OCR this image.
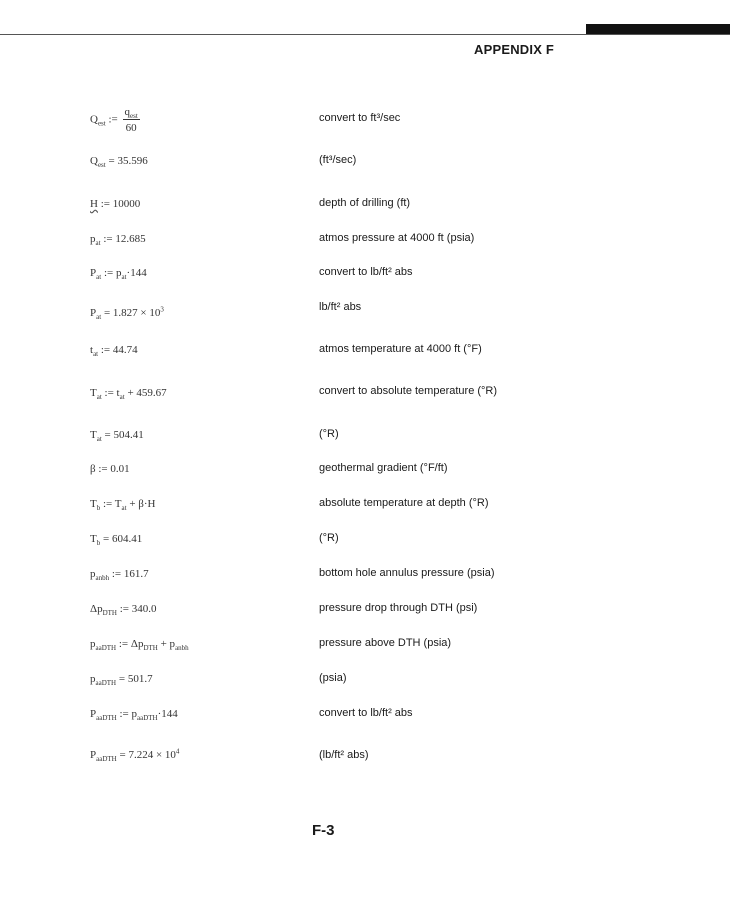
APPENDIX F
$Q_{est}$ := $\frac{q_{est}}{60}$
$Q_{est} = 35.596$
H := 10000
$p_{at}$ := 12.685
$P_{at}$ := $p_{at}\cdot 144$
$P_{at} = 1.827 \times 10^3$
$t_{at}$ := 44.74
$T_{at}$ := $t_{at} + 459.67$
$T_{at} = 504.41$
β := 0.01
$T_b$ := $T_{at} + \beta\cdot H$
$T_b = 604.41$
$p_{anbh}$ := 161.7
$\Delta p_{DTH}$ := 340.0
$p_{aaDTH}$ := $\Delta p_{DTH} + p_{anbh}$
$p_{aaDTH} = 501.7$
$P_{aaDTH}$ := $p_{aaDTH}\cdot 144$
$P_{aaDTH} = 7.224 \times 10^4$
convert to ft³/sec
(ft³/sec)
depth of drilling (ft)
atmos pressure at 4000 ft (psia)
convert to lb/ft² abs
lb/ft² abs
atmos temperature at 4000 ft (°F)
convert to absolute temperature (°R)
(°R)
geothermal gradient (°F/ft)
absolute temperature at depth (°R)
(°R)
bottom hole annulus pressure (psia)
pressure drop through DTH (psi)
pressure above DTH (psia)
(psia)
convert to lb/ft² abs
(lb/ft² abs)
F-3
